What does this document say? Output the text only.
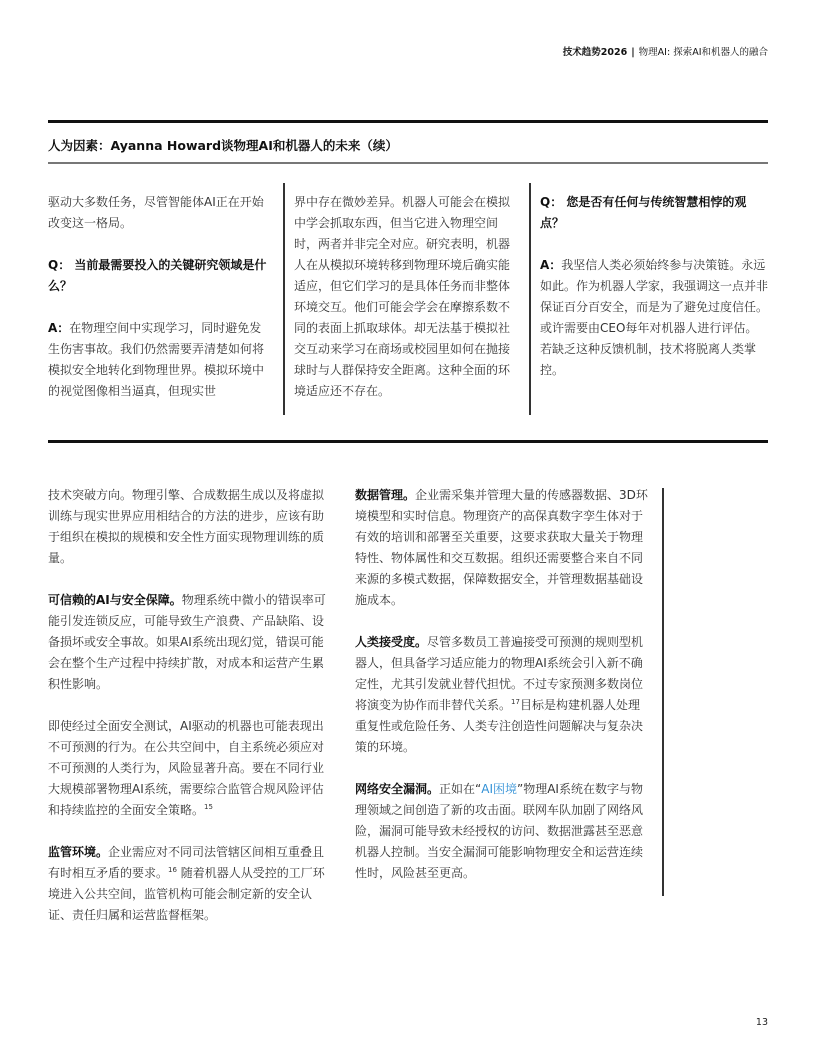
技术趋势2026 | 物理AI: 探索AI和机器人的融合
人为因素：Ayanna Howard谈物理AI和机器人的未来（续）

驱动大多数任务，尽管智能体AI正在开始改变这一格局。

Q： 当前最需要投入的关键研究领域是什么？

A：在物理空间中实现学习，同时避免发生伤害事故。我们仍然需要弄清楚如何将模拟安全地转化到物理世界。模拟环境中的视觉图像相当逼真，但现实世

界中存在微妙差异。机器人可能会在模拟中学会抓取东西，但当它进入物理空间时，两者并非完全对应。研究表明，机器人在从模拟环境转移到物理环境后确实能适应，但它们学习的是具体任务而非整体环境交互。他们可能会学会在摩擦系数不同的表面上抓取球体。却无法基于模拟社交互动来学习在商场或校园里如何在抛接球时与人群保持安全距离。这种全面的环境适应还不存在。

Q： 您是否有任何与传统智慧相悖的观点？

A：我坚信人类必须始终参与决策链。永远如此。作为机器人学家，我强调这一点并非保证百分百安全，而是为了避免过度信任。或许需要由CEO每年对机器人进行评估。若缺乏这种反馈机制，技术将脱离人类掌控。

技术突破方向。物理引擎、合成数据生成以及将虚拟训练与现实世界应用相结合的方法的进步，应该有助于组织在模拟的规模和安全性方面实现物理训练的质量。

可信赖的AI与安全保障。物理系统中微小的错误率可能引发连锁反应，可能导致生产浪费、产品缺陷、设备损坏或安全事故。如果AI系统出现幻觉，错误可能会在整个生产过程中持续扩散，对成本和运营产生累积性影响。

即使经过全面安全测试，AI驱动的机器也可能表现出不可预测的行为。在公共空间中，自主系统必须应对不可预测的人类行为，风险显著升高。要在不同行业大规模部署物理AI系统，需要综合监管合规风险评估和持续监控的全面安全策略。$^{15}$

监管环境。企业需应对不同司法管辖区间相互重叠且有时相互矛盾的要求。$^{16}$ 随着机器人从受控的工厂环境进入公共空间，监管机构可能会制定新的安全认证、责任归属和运营监督框架。

数据管理。企业需采集并管理大量的传感器数据、3D环境模型和实时信息。物理资产的高保真数字孪生体对于有效的培训和部署至关重要，这要求获取大量关于物理特性、物体属性和交互数据。组织还需要整合来自不同来源的多模式数据，保障数据安全，并管理数据基础设施成本。

人类接受度。尽管多数员工普遍接受可预测的规则型机器人，但具备学习适应能力的物理AI系统会引入新不确定性，尤其引发就业替代担忧。不过专家预测多数岗位将演变为协作而非替代关系。$^{17}$目标是构建机器人处理重复性或危险任务、人类专注创造性问题解决与复杂决策的环境。

网络安全漏洞。正如在“AI困境”物理AI系统在数字与物理领域之间创造了新的攻击面。联网车队加剧了网络风险，漏洞可能导致未经授权的访问、数据泄露甚至恶意机器人控制。当安全漏洞可能影响物理安全和运营连续性时，风险甚至更高。

13
